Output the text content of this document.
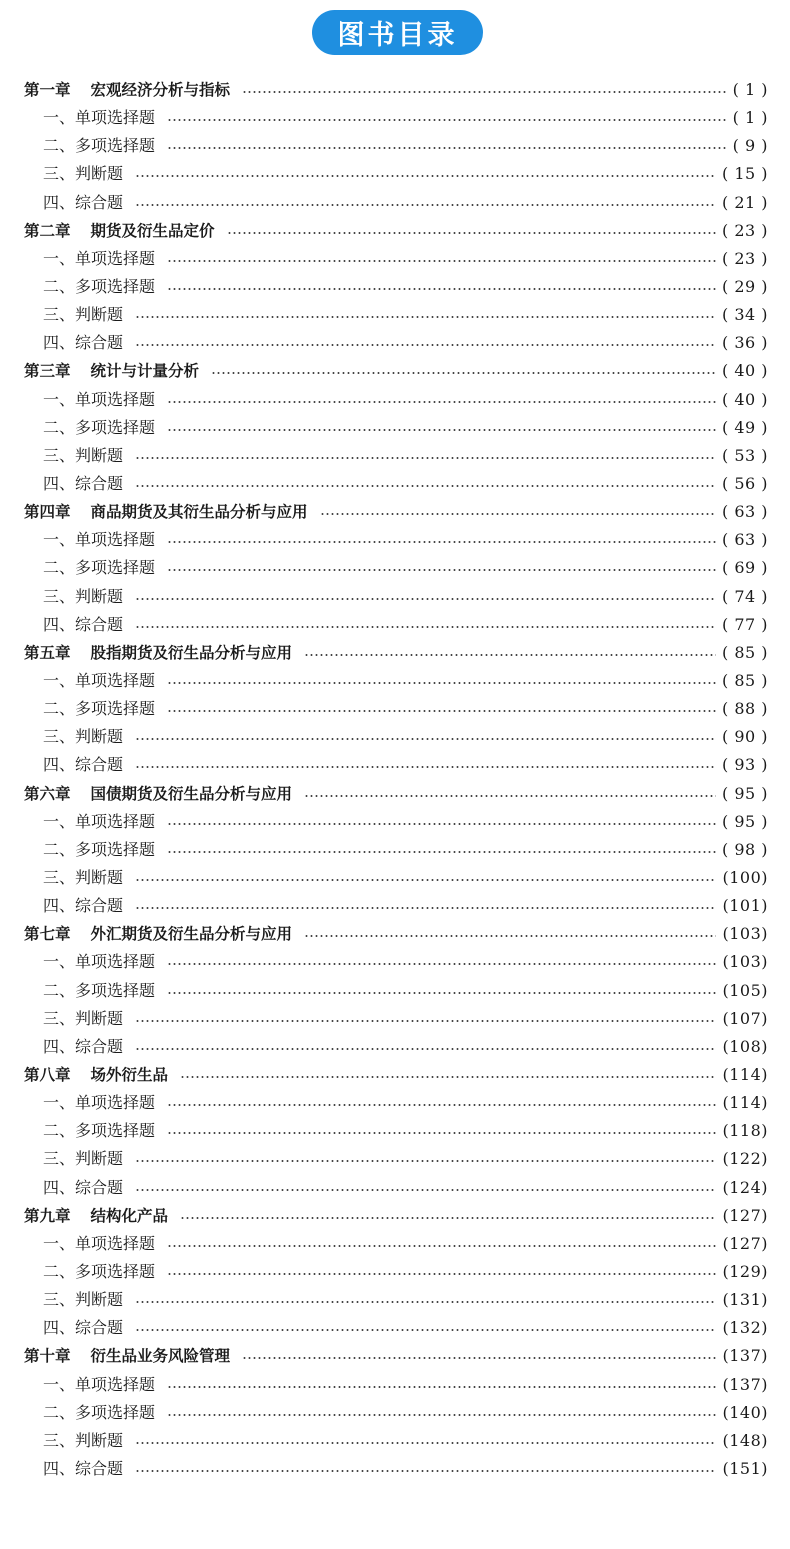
图书目录
第一章 宏观经济分析与指标	( 1 )
一、单项选择题	( 1 )
二、多项选择题	( 9 )
三、判断题	( 15 )
四、综合题	( 21 )
第二章 期货及衍生品定价	( 23 )
一、单项选择题	( 23 )
二、多项选择题	( 29 )
三、判断题	( 34 )
四、综合题	( 36 )
第三章 统计与计量分析	( 40 )
一、单项选择题	( 40 )
二、多项选择题	( 49 )
三、判断题	( 53 )
四、综合题	( 56 )
第四章 商品期货及其衍生品分析与应用	( 63 )
一、单项选择题	( 63 )
二、多项选择题	( 69 )
三、判断题	( 74 )
四、综合题	( 77 )
第五章 股指期货及衍生品分析与应用	( 85 )
一、单项选择题	( 85 )
二、多项选择题	( 88 )
三、判断题	( 90 )
四、综合题	( 93 )
第六章 国债期货及衍生品分析与应用	( 95 )
一、单项选择题	( 95 )
二、多项选择题	( 98 )
三、判断题	(100)
四、综合题	(101)
第七章 外汇期货及衍生品分析与应用	(103)
一、单项选择题	(103)
二、多项选择题	(105)
三、判断题	(107)
四、综合题	(108)
第八章 场外衍生品	(114)
一、单项选择题	(114)
二、多项选择题	(118)
三、判断题	(122)
四、综合题	(124)
第九章 结构化产品	(127)
一、单项选择题	(127)
二、多项选择题	(129)
三、判断题	(131)
四、综合题	(132)
第十章 衍生品业务风险管理	(137)
一、单项选择题	(137)
二、多项选择题	(140)
三、判断题	(148)
四、综合题	(151)
